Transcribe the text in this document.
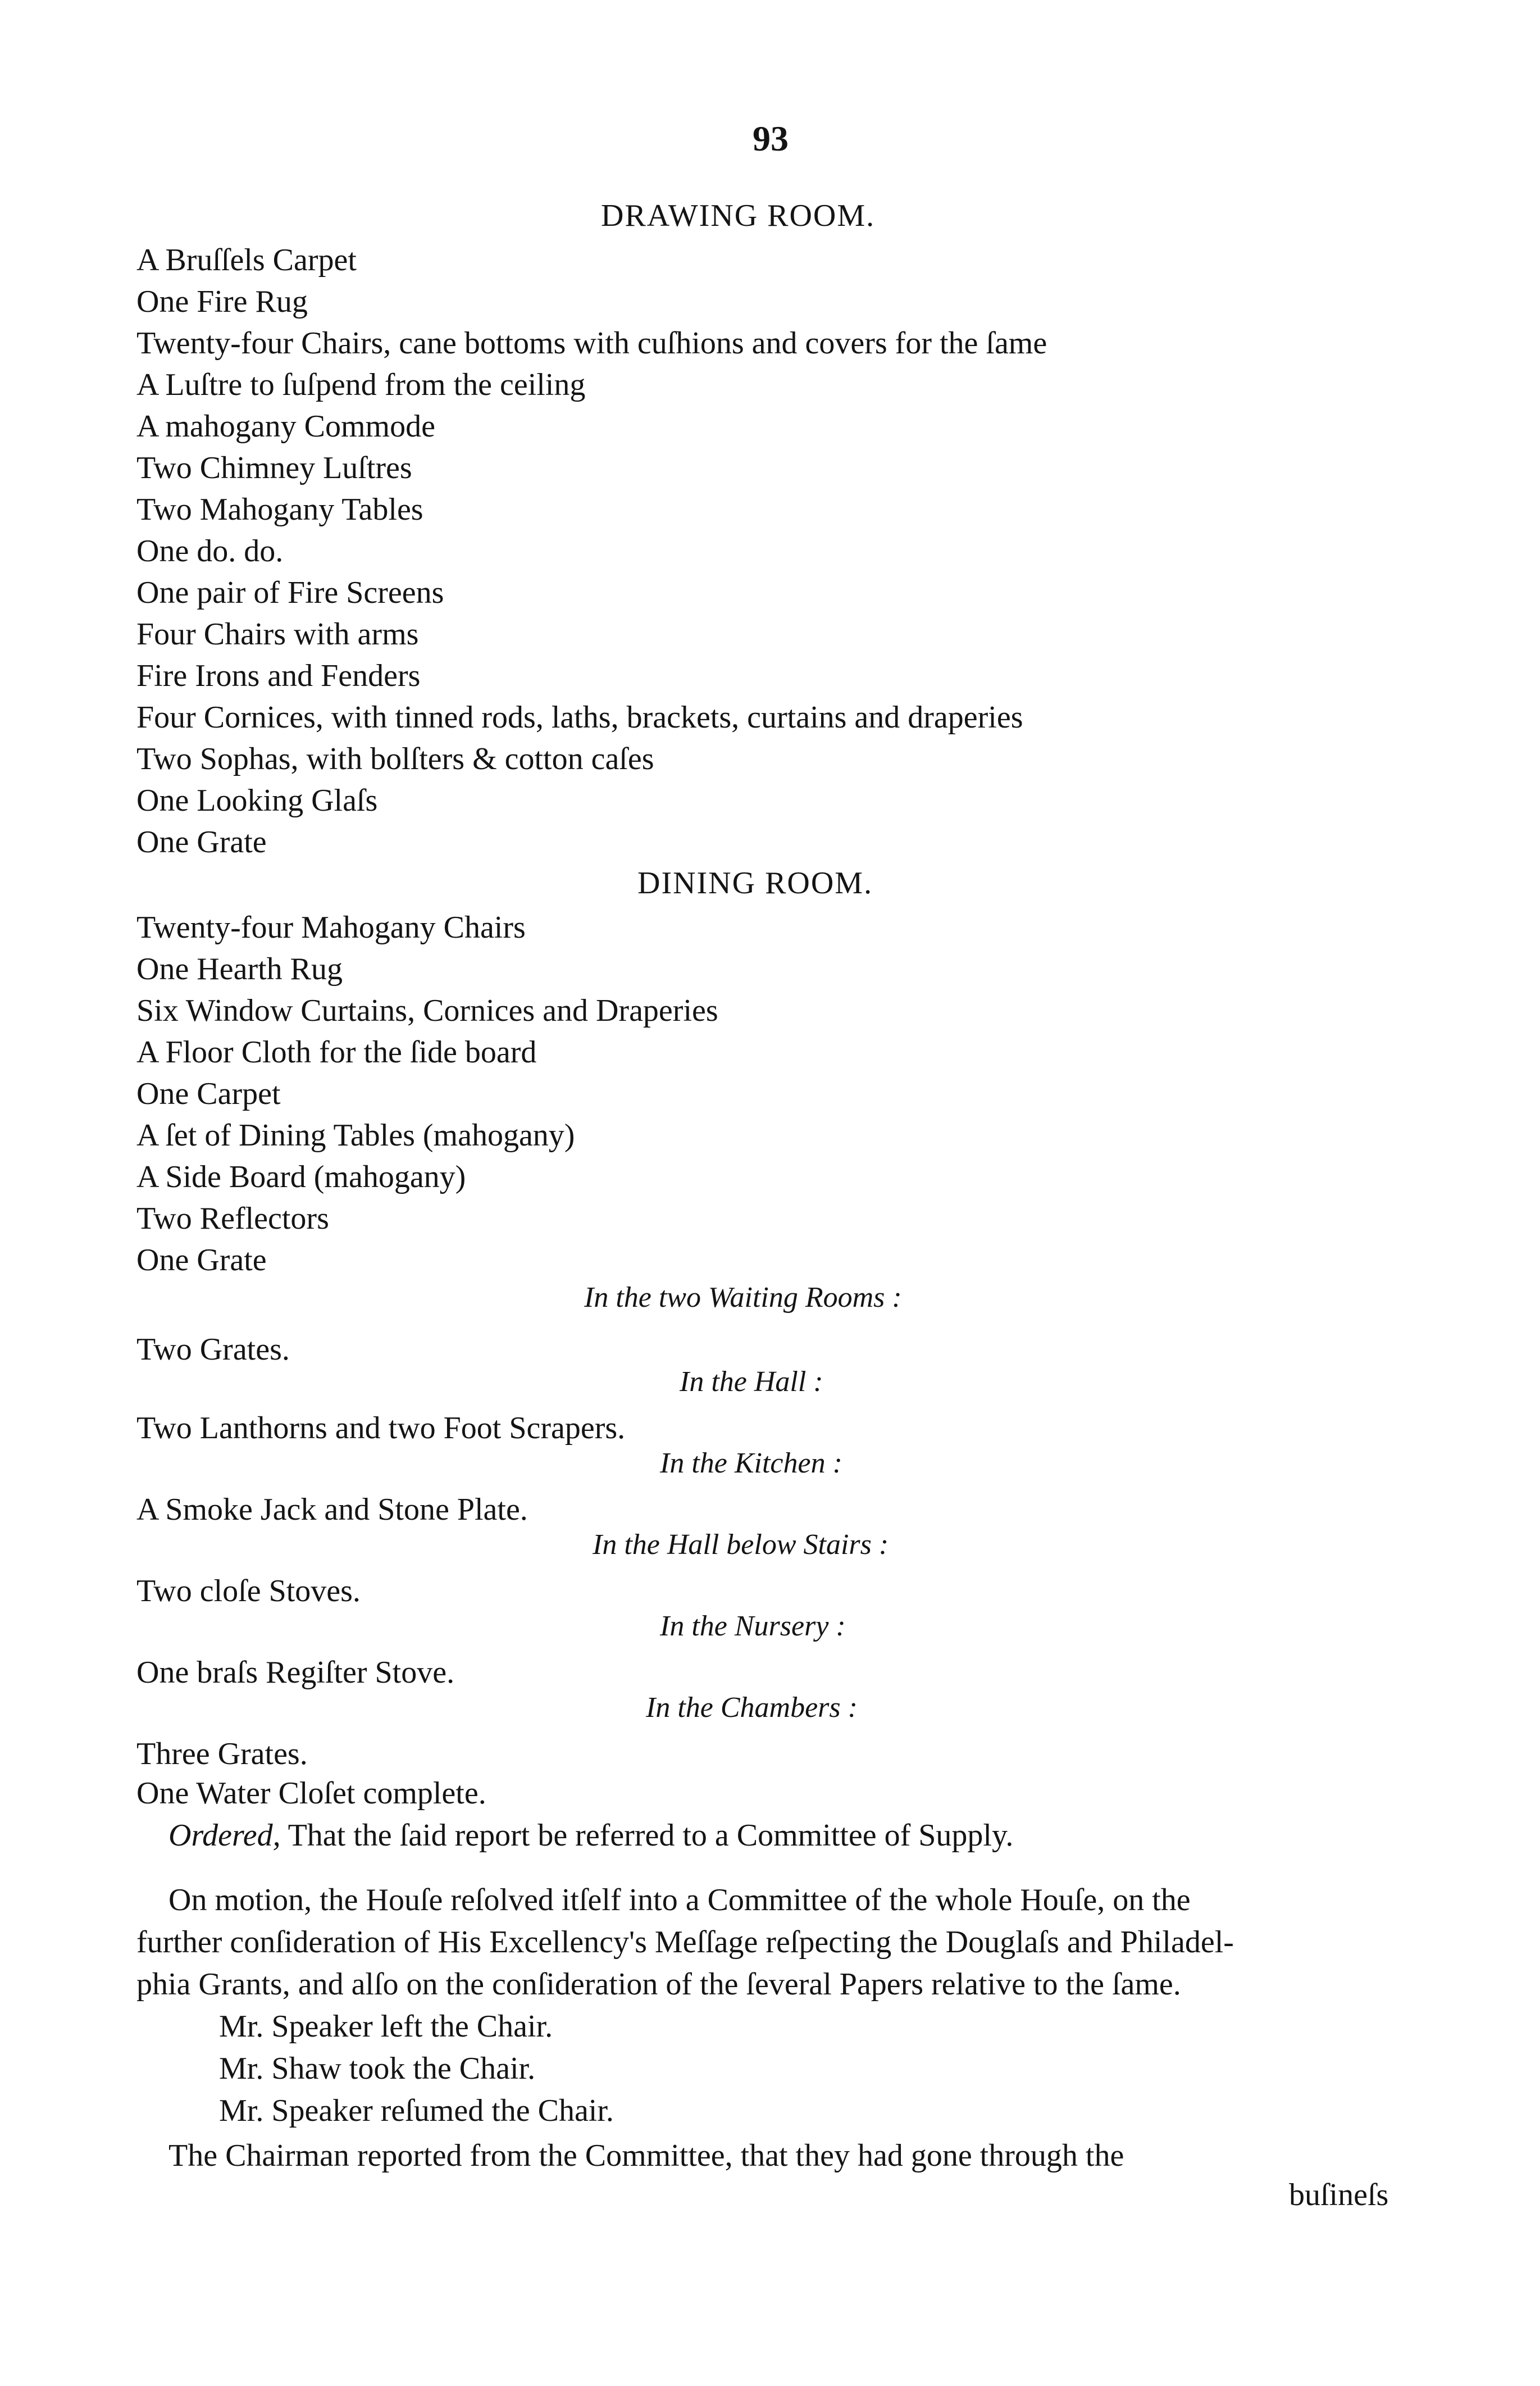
93
DRAWING ROOM.
A Bruſſels Carpet
One Fire Rug
Twenty-four Chairs, cane bottoms with cuſhions and covers for the ſame
A Luſtre to ſuſpend from the ceiling
A mahogany Commode
Two Chimney Luſtres
Two Mahogany Tables
One do. do.
One pair of Fire Screens
Four Chairs with arms
Fire Irons and Fenders
Four Cornices, with tinned rods, laths, brackets, curtains and draperies
Two Sophas, with bolſters & cotton caſes
One Looking Glaſs
One Grate
DINING ROOM.
Twenty-four Mahogany Chairs
One Hearth Rug
Six Window Curtains, Cornices and Draperies
A Floor Cloth for the ſide board
One Carpet
A ſet of Dining Tables (mahogany)
A Side Board (mahogany)
Two Reflectors
One Grate
In the two Waiting Rooms :
Two Grates.
In the Hall :
Two Lanthorns and two Foot Scrapers.
In the Kitchen :
A Smoke Jack and Stone Plate.
In the Hall below Stairs :
Two cloſe Stoves.
In the Nursery :
One braſs Regiſter Stove.
In the Chambers :
Three Grates.
One Water Cloſet complete.
Ordered, That the ſaid report be referred to a Committee of Supply.
On motion, the Houſe reſolved itſelf into a Committee of the whole Houſe, on the
further conſideration of His Excellency's Meſſage reſpecting the Douglaſs and Philadel-
phia Grants, and alſo on the conſideration of the ſeveral Papers relative to the ſame.
Mr. Speaker left the Chair.
Mr. Shaw took the Chair.
Mr. Speaker reſumed the Chair.
The Chairman reported from the Committee, that they had gone through the
buſineſs
